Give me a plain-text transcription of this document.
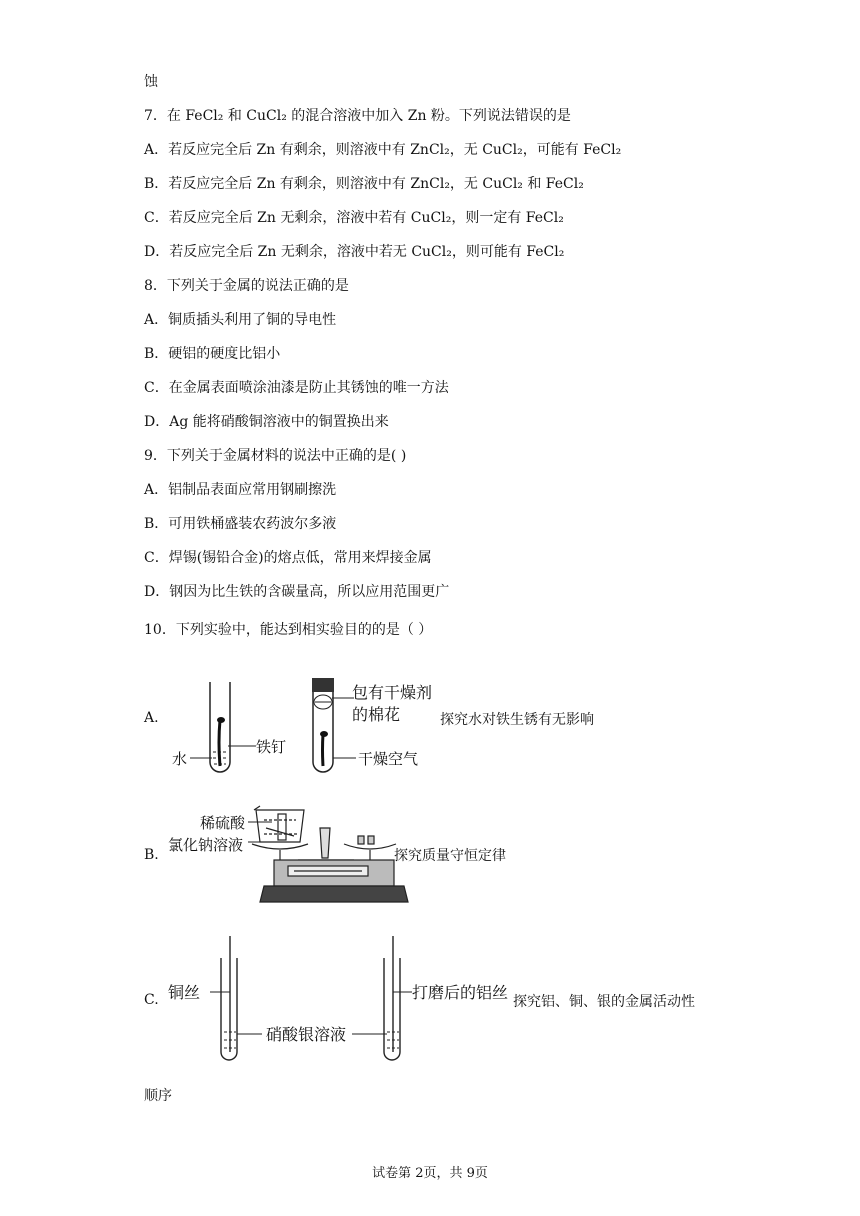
蚀
7．在 FeCl₂ 和 CuCl₂ 的混合溶液中加入 Zn 粉。下列说法错误的是
A．若反应完全后 Zn 有剩余，则溶液中有 ZnCl₂，无 CuCl₂，可能有 FeCl₂
B．若反应完全后 Zn 有剩余，则溶液中有 ZnCl₂，无 CuCl₂ 和 FeCl₂
C．若反应完全后 Zn 无剩余，溶液中若有 CuCl₂，则一定有 FeCl₂
D．若反应完全后 Zn 无剩余，溶液中若无 CuCl₂，则可能有 FeCl₂
8．下列关于金属的说法正确的是
A．铜质插头利用了铜的导电性
B．硬铝的硬度比铝小
C．在金属表面喷涂油漆是防止其锈蚀的唯一方法
D．Ag 能将硝酸铜溶液中的铜置换出来
9．下列关于金属材料的说法中正确的是( )
A．铝制品表面应常用钢刷擦洗
B．可用铁桶盛装农药波尔多液
C．焊锡(锡铅合金)的熔点低，常用来焊接金属
D．钢因为比生铁的含碳量高，所以应用范围更广
10．下列实验中，能达到相实验目的的是（ ）
A.
水
铁钉
包有干燥剂
的棉花
干燥空气
探究水对铁生锈有无影响
B.
稀硫酸
氯化钠溶液
探究质量守恒定律
C. 铜丝
硝酸银溶液
打磨后的铝丝 探究铝、铜、银的金属活动性
顺序
试卷第 2页，共 9页
